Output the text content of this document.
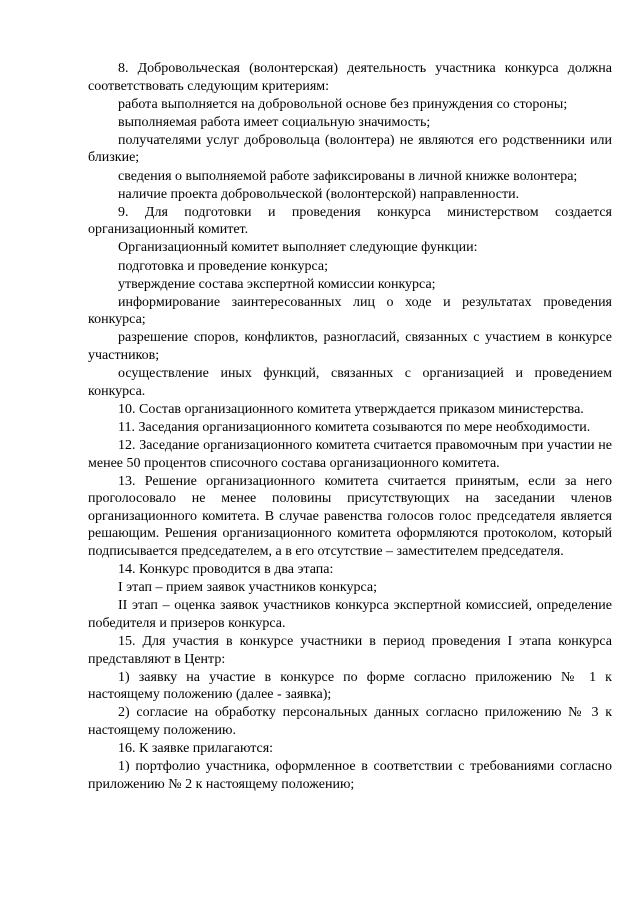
8. Добровольческая (волонтерская) деятельность участника конкурса должна соответствовать следующим критериям:

работа выполняется на добровольной основе без принуждения со стороны;

выполняемая работа имеет социальную значимость;

получателями услуг добровольца (волонтера) не являются его родственники или близкие;

сведения о выполняемой работе зафиксированы в личной книжке волонтера;

наличие проекта добровольческой (волонтерской) направленности.

9. Для подготовки и проведения конкурса министерством создается организационный комитет.

Организационный комитет выполняет следующие функции:

подготовка и проведение конкурса;

утверждение состава экспертной комиссии конкурса;

информирование заинтересованных лиц о ходе и результатах проведения конкурса;

разрешение споров, конфликтов, разногласий, связанных с участием в конкурсе участников;

осуществление иных функций, связанных с организацией и проведением конкурса.

10. Состав организационного комитета утверждается приказом министерства.

11. Заседания организационного комитета созываются по мере необходимости.

12. Заседание организационного комитета считается правомочным при участии не менее 50 процентов списочного состава организационного комитета.

13. Решение организационного комитета считается принятым, если за него проголосовало не менее половины присутствующих на заседании членов организационного комитета. В случае равенства голосов голос председателя является решающим. Решения организационного комитета оформляются протоколом, который подписывается председателем, а в его отсутствие – заместителем председателя.

14. Конкурс проводится в два этапа:

I этап – прием заявок участников конкурса;

II этап – оценка заявок участников конкурса экспертной комиссией, определение победителя и призеров конкурса.

15. Для участия в конкурсе участники в период проведения I этапа конкурса представляют в Центр:

1) заявку на участие в конкурсе по форме согласно приложению № 1 к настоящему положению (далее - заявка);

2) согласие на обработку персональных данных согласно приложению № 3 к настоящему положению.

16. К заявке прилагаются:

1) портфолио участника, оформленное в соответствии с требованиями согласно приложению № 2 к настоящему положению;
